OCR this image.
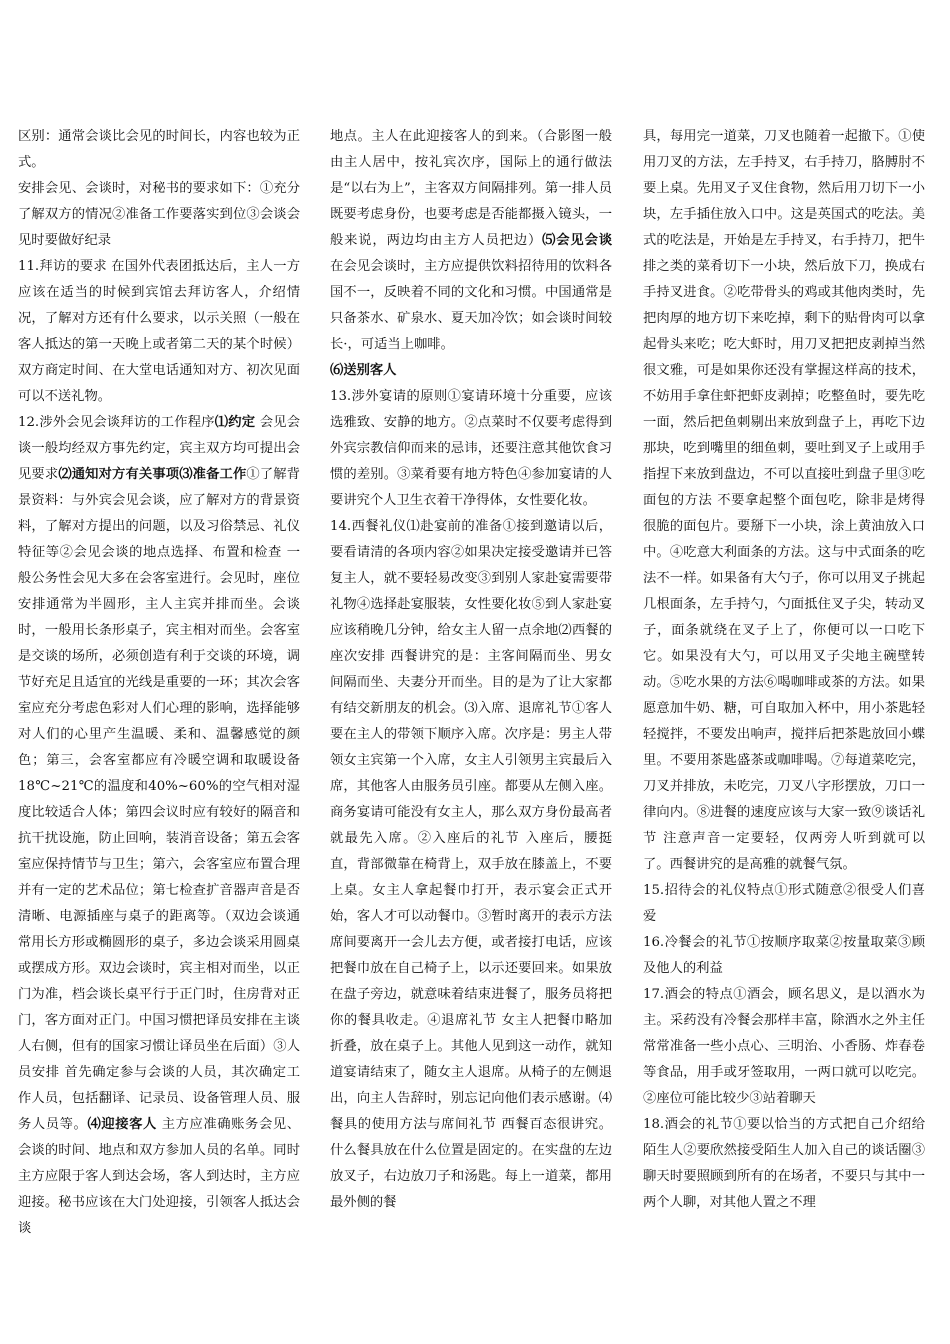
区别：通常会谈比会见的时间长，内容也较为正式。

安排会见、会谈时，对秘书的要求如下：①充分了解双方的情况②准备工作要落实到位③会谈会见时要做好纪录

11.拜访的要求 在国外代表团抵达后，主人一方应该在适当的时候到宾馆去拜访客人，介绍情况，了解对方还有什么要求，以示关照（一般在客人抵达的第一天晚上或者第二天的某个时候） 双方商定时间、在大堂电话通知对方、初次见面可以不送礼物。

12.涉外会见会谈拜访的工作程序⑴约定 会见会谈一般均经双方事先约定，宾主双方均可提出会见要求⑵通知对方有关事项⑶准备工作①了解背景资料：与外宾会见会谈，应了解对方的背景资料，了解对方提出的问题，以及习俗禁忌、礼仪特征等②会见会谈的地点选择、布置和检查 一般公务性会见大多在会客室进行。会见时，座位安排通常为半圆形，主人主宾并排而坐。会谈时，一般用长条形桌子，宾主相对而坐。会客室是交谈的场所，必须创造有利于交谈的环境，调节好充足且适宜的光线是重要的一环；其次会客室应充分考虑色彩对人们心理的影响，选择能够对人们的心里产生温暖、柔和、温馨感觉的颜色；第三，会客室都应有冷暖空调和取暖设备 18℃~21℃的温度和40%~60%的空气相对湿度比较适合人体；第四会议时应有较好的隔音和抗干扰设施，防止回响，装消音设备；第五会客室应保持情节与卫生；第六，会客室应布置合理并有一定的艺术品位；第七检查扩音器声音是否清晰、电源插座与桌子的距离等。（双边会谈通常用长方形或椭圆形的桌子，多边会谈采用圆桌或摆成方形。双边会谈时，宾主相对而坐，以正门为准，档会谈长桌平行于正门时，住房背对正门，客方面对正门。中国习惯把译员安排在主谈人右侧，但有的国家习惯让译员坐在后面）③人员安排 首先确定参与会谈的人员，其次确定工作人员，包括翻译、记录员、设备管理人员、服务人员等。⑷迎接客人 主方应准确账务会见、会谈的时间、地点和双方参加人员的名单。同时主方应限于客人到达会场，客人到达时，主方应迎接。秘书应该在大门处迎接，引领客人抵达会谈

地点。主人在此迎接客人的到来。（合影图一般由主人居中，按礼宾次序，国际上的通行做法是“以右为上”，主客双方间隔排列。第一排人员既要考虑身份，也要考虑是否能都摄入镜头，一般来说，两边均由主方人员把边）⑸会见会谈 在会见会谈时，主方应提供饮料招待用的饮料各国不一，反映着不同的文化和习惯。中国通常是只备茶水、矿泉水、夏天加冷饮；如会谈时间较长·，可适当上咖啡。

⑹送别客人

13.涉外宴请的原则①宴请环境十分重要，应该选雅致、安静的地方。②点菜时不仅要考虑得到外宾宗教信仰而来的忌讳，还要注意其他饮食习惯的差别。③菜肴要有地方特色④参加宴请的人要讲究个人卫生衣着干净得体，女性要化妆。

14.西餐礼仪⑴赴宴前的准备①接到邀请以后，要看请清的各项内容②如果决定接受邀请并已答复主人，就不要轻易改变③到别人家赴宴需要带礼物④选择赴宴服装，女性要化妆⑤到人家赴宴应该稍晚几分钟，给女主人留一点余地⑵西餐的座次安排 西餐讲究的是：主客间隔而坐、男女间隔而坐、夫妻分开而坐。目的是为了让大家都有结交新朋友的机会。⑶入席、退席礼节①客人要在主人的带领下顺序入席。次序是：男主人带领女主宾第一个入席，女主人引领男主宾最后入席，其他客人由服务员引座。都要从左侧入座。商务宴请可能没有女主人，那么双方身份最高者就最先入席。②入座后的礼节 入座后，腰挺直，背部微靠在椅背上，双手放在膝盖上，不要上桌。女主人拿起餐巾打开，表示宴会正式开始，客人才可以动餐巾。③暂时离开的表示方法 席间要离开一会儿去方便，或者接打电话，应该把餐巾放在自己椅子上，以示还要回来。如果放在盘子旁边，就意味着结束进餐了，服务员将把你的餐具收走。④退席礼节 女主人把餐巾略加折叠，放在桌子上。其他人见到这一动作，就知道宴请结束了，随女主人退席。从椅子的左侧退出，向主人告辞时，别忘记向他们表示感谢。⑷餐具的使用方法与席间礼节 西餐百态很讲究。什么餐具放在什么位置是固定的。在实盘的左边放叉子，右边放刀子和汤匙。每上一道菜，都用最外侧的餐

具，每用完一道菜，刀叉也随着一起撤下。①使用刀叉的方法，左手持叉，右手持刀，胳膊肘不要上桌。先用叉子叉住食物，然后用刀切下一小块，左手插住放入口中。这是英国式的吃法。美式的吃法是，开始是左手持叉，右手持刀，把牛排之类的菜肴切下一小块，然后放下刀，换成右手持叉进食。②吃带骨头的鸡或其他肉类时，先把肉厚的地方切下来吃掉，剩下的贴骨肉可以拿起骨头来吃；吃大虾时，用刀叉把把皮剥掉当然很文雅，可是如果你还没有掌握这样高的技术，不妨用手拿住虾把虾皮剥掉；吃整鱼时，要先吃一面，然后把鱼刺剔出来放到盘子上，再吃下边那块，吃到嘴里的细鱼刺，要吐到叉子上或用手指捏下来放到盘边，不可以直接吐到盘子里③吃面包的方法 不要拿起整个面包吃，除非是烤得很脆的面包片。要掰下一小块，涂上黄油放入口中。④吃意大利面条的方法。这与中式面条的吃法不一样。如果备有大勺子，你可以用叉子挑起几根面条，左手持勺，勺面抵住叉子尖，转动叉子，面条就绕在叉子上了，你便可以一口吃下它。如果没有大勺，可以用叉子尖地主碗壁转动。⑤吃水果的方法⑥喝咖啡或茶的方法。如果愿意加牛奶、糖，可自取加入杯中，用小茶匙轻轻搅拌，不要发出响声，搅拌后把茶匙放回小蝶里。不要用茶匙盛茶或咖啡喝。⑦每道菜吃完，刀叉并排放，未吃完，刀叉八字形摆放，刀口一律向内。⑧进餐的速度应该与大家一致⑨谈话礼节 注意声音一定要轻，仅两旁人听到就可以了。西餐讲究的是高雅的就餐气氛。

15.招待会的礼仪特点①形式随意②很受人们喜爱

16.冷餐会的礼节①按顺序取菜②按量取菜③顾及他人的利益

17.酒会的特点①酒会，顾名思义，是以酒水为主。采药没有冷餐会那样丰富，除酒水之外主任常常准备一些小点心、三明治、小香肠、炸春卷等食品，用手或牙签取用，一两口就可以吃完。②座位可能比较少③站着聊天

18.酒会的礼节①要以恰当的方式把自己介绍给陌生人②要欣然接受陌生人加入自己的谈话圈③聊天时要照顾到所有的在场者，不要只与其中一两个人聊，对其他人置之不理
